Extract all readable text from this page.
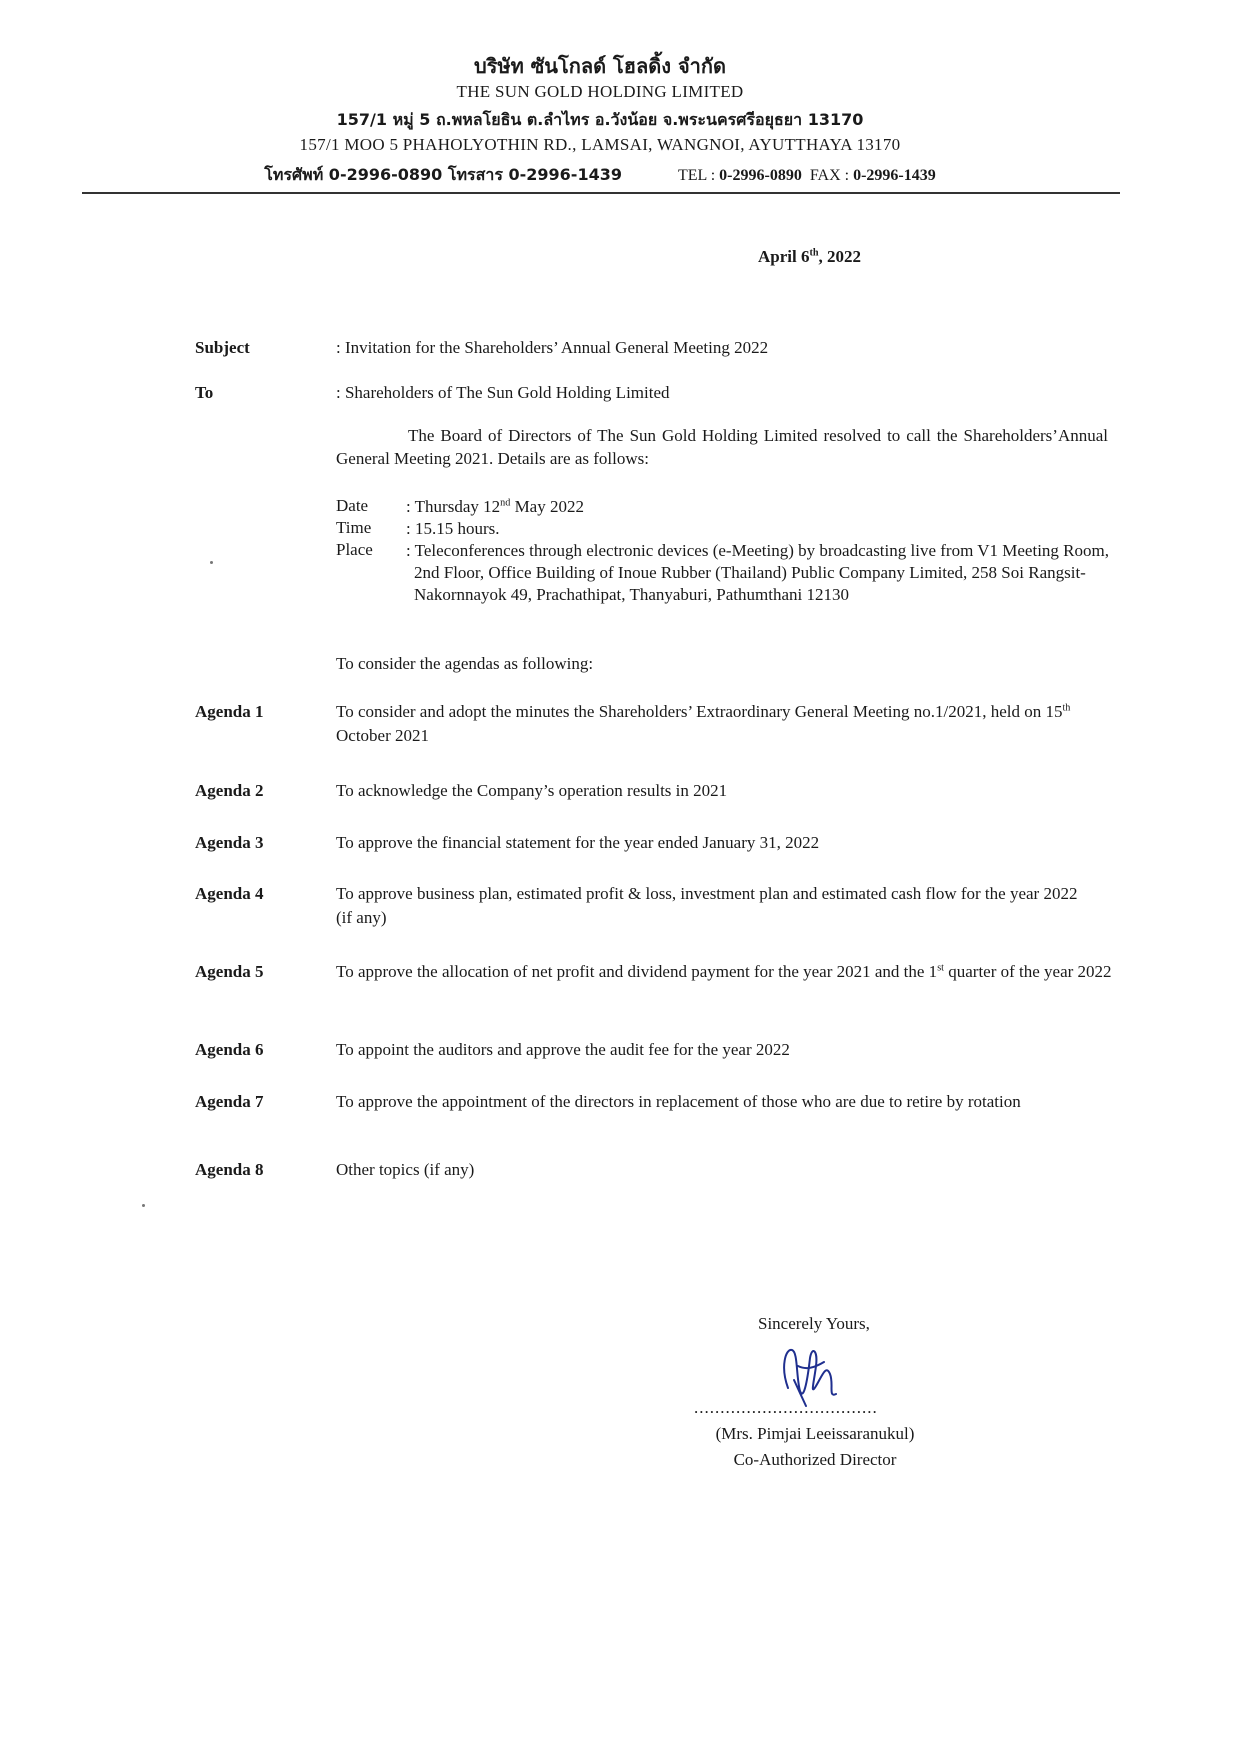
บริษัท ซันโกลด์ โฮลดิ้ง จำกัด
THE SUN GOLD HOLDING LIMITED
157/1 หมู่ 5 ถ.พหลโยธิน ต.ลำไทร อ.วังน้อย จ.พระนครศรีอยุธยา 13170
157/1 MOO 5 PHAHOLYOTHIN RD., LAMSAI, WANGNOI, AYUTTHAYA 13170
โทรศัพท์ 0-2996-0890 โทรสาร 0-2996-1439	TEL : 0-2996-0890 FAX : 0-2996-1439
April 6th, 2022
Subject	: Invitation for the Shareholders’ Annual General Meeting 2022
To	: Shareholders of The Sun Gold Holding Limited
The Board of Directors of The Sun Gold Holding Limited resolved to call the Shareholders’Annual General Meeting 2021. Details are as follows:
Date : Thursday 12nd May 2022
Time : 15.15 hours.
Place : Teleconferences through electronic devices (e-Meeting) by broadcasting live from V1 Meeting Room, 2nd Floor, Office Building of Inoue Rubber (Thailand) Public Company Limited, 258 Soi Rangsit-Nakornnayok 49, Prachathipat, Thanyaburi, Pathumthani 12130
To consider the agendas as following:
Agenda 1	To consider and adopt the minutes the Shareholders’ Extraordinary General Meeting no.1/2021, held on 15th October 2021
Agenda 2	To acknowledge the Company’s operation results in 2021
Agenda 3	To approve the financial statement for the year ended January 31, 2022
Agenda 4	To approve business plan, estimated profit & loss, investment plan and estimated cash flow for the year 2022 (if any)
Agenda 5	To approve the allocation of net profit and dividend payment for the year 2021 and the 1st quarter of the year 2022
Agenda 6	To appoint the auditors and approve the audit fee for the year 2022
Agenda 7	To approve the appointment of the directors in replacement of those who are due to retire by rotation
Agenda 8	Other topics (if any)
Sincerely Yours,
...................................
(Mrs. Pimjai Leeissaranukul)
Co-Authorized Director
